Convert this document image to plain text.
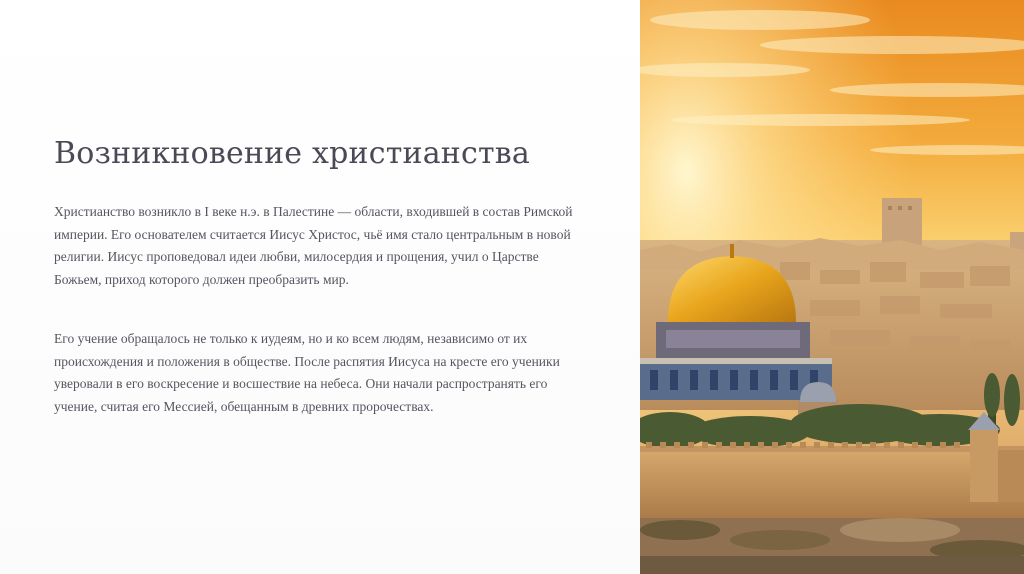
Возникновение христианства

Христианство возникло в I веке н.э. в Палестине — области, входившей в состав Римской империи. Его основателем считается Иисус Христос, чьё имя стало центральным в новой религии. Иисус проповедовал идеи любви, милосердия и прощения, учил о Царстве Божьем, приход которого должен преобразить мир.

Его учение обращалось не только к иудеям, но и ко всем людям, независимо от их происхождения и положения в обществе. После распятия Иисуса на кресте его ученики уверовали в его воскресение и восшествие на небеса. Они начали распространять его учение, считая его Мессией, обещанным в древних пророчествах.
